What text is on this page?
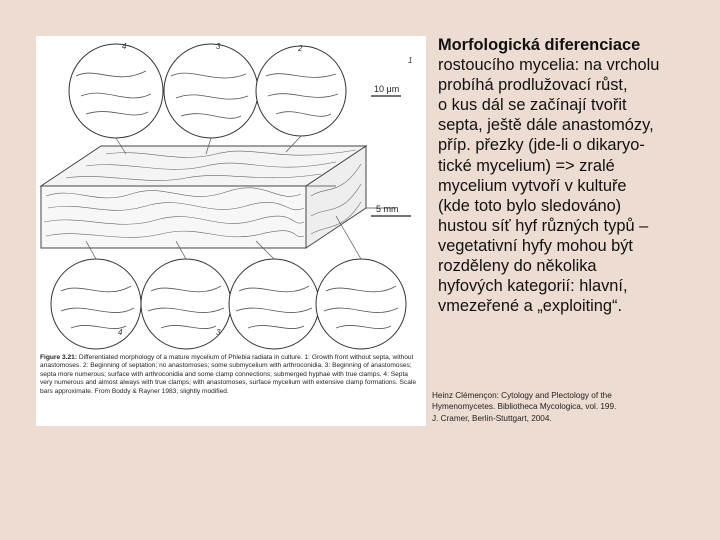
4	3	2
1
4	3
10 μm
5 mm
Figure 3.21: Differentiated morphology of a mature mycelium of Phlebia radiata in culture. 1: Growth front without septa, without anastomoses. 2: Beginning of septation; no anastomoses; some submycelium with arthroconidia. 3: Beginning of anastomoses; septa more numerous; surface with arthroconidia and some clamp connections; submerged hyphae with true clamps. 4: Septa very numerous and almost always with true clamps; with anastomoses, surface mycelium with extensive clamp formations. Scale bars approximate. From Boddy & Rayner 1983, slightly modified.
Morfologická diferenciace
rostoucího mycelia: na vrcholu
probíhá prodlužovací růst,
o kus dál se začínají tvořit
septa, ještě dále anastomózy,
příp. přezky (jde-li o dikaryo-
tické mycelium) => zralé
mycelium vytvoří v kultuře
(kde toto bylo sledováno)
hustou síť hyf různých typů –
vegetativní hyfy mohou být
rozděleny do několika
hyfových kategorií: hlavní,
vmezeřené a „exploiting“.
Heinz Clémençon: Cytology and Plectology of the
Hymenomycetes. Bibliotheca Mycologica, vol. 199.
J. Cramer, Berlin-Stuttgart, 2004.
